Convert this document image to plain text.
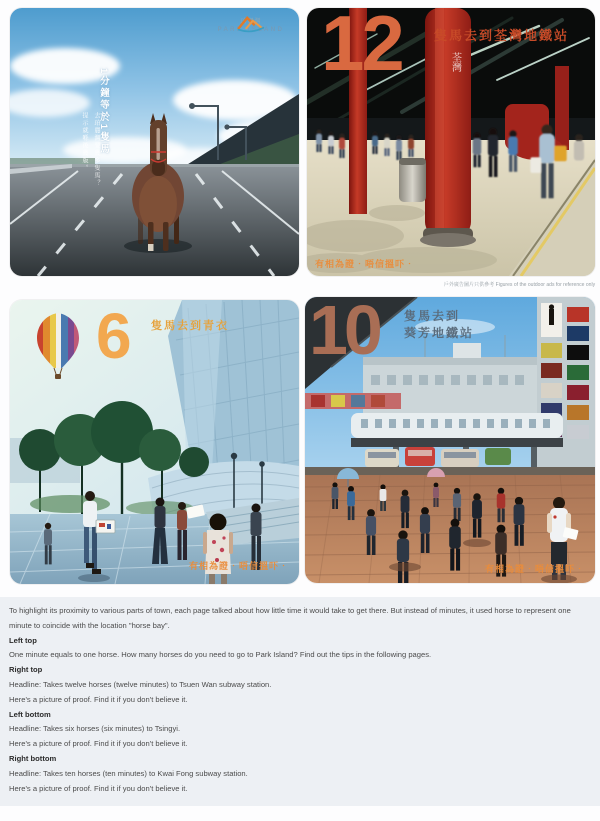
1分鐘等於1隻馬
去珀麗灣要幾多隻馬？
提示就喺後幾版。
珀麗灣
PARK ISLAND
荃灣
12 隻馬去到荃灣地鐵站
有相為證‧唔信搵吓‧
戶外廣告圖片只供參考 Figures of the outdoor ads for reference only
6 隻馬去到青衣
有相為證‧唔信搵吓‧
10 隻馬去到
葵芳地鐵站
有相為證‧唔信搵吓‧

To highlight its proximity to various parts of town, each page talked about how little time it would take to get there. But instead of minutes, it used horse to represent one minute to coincide with the location "horse bay".

Left top

One minute equals to one horse. How many horses do you need to go to Park Island? Find out the tips in the following pages.

Right top

Headline: Takes twelve horses (twelve minutes) to Tsuen Wan subway station.

Here's a picture of proof. Find it if you don't believe it.

Left bottom

Headline: Takes six horses (six minutes) to Tsingyi.

Here's a picture of proof. Find it if you don't believe it.

Right bottom

Headline: Takes ten horses (ten minutes) to Kwai Fong subway station.

Here's a picture of proof. Find it if you don't believe it.
